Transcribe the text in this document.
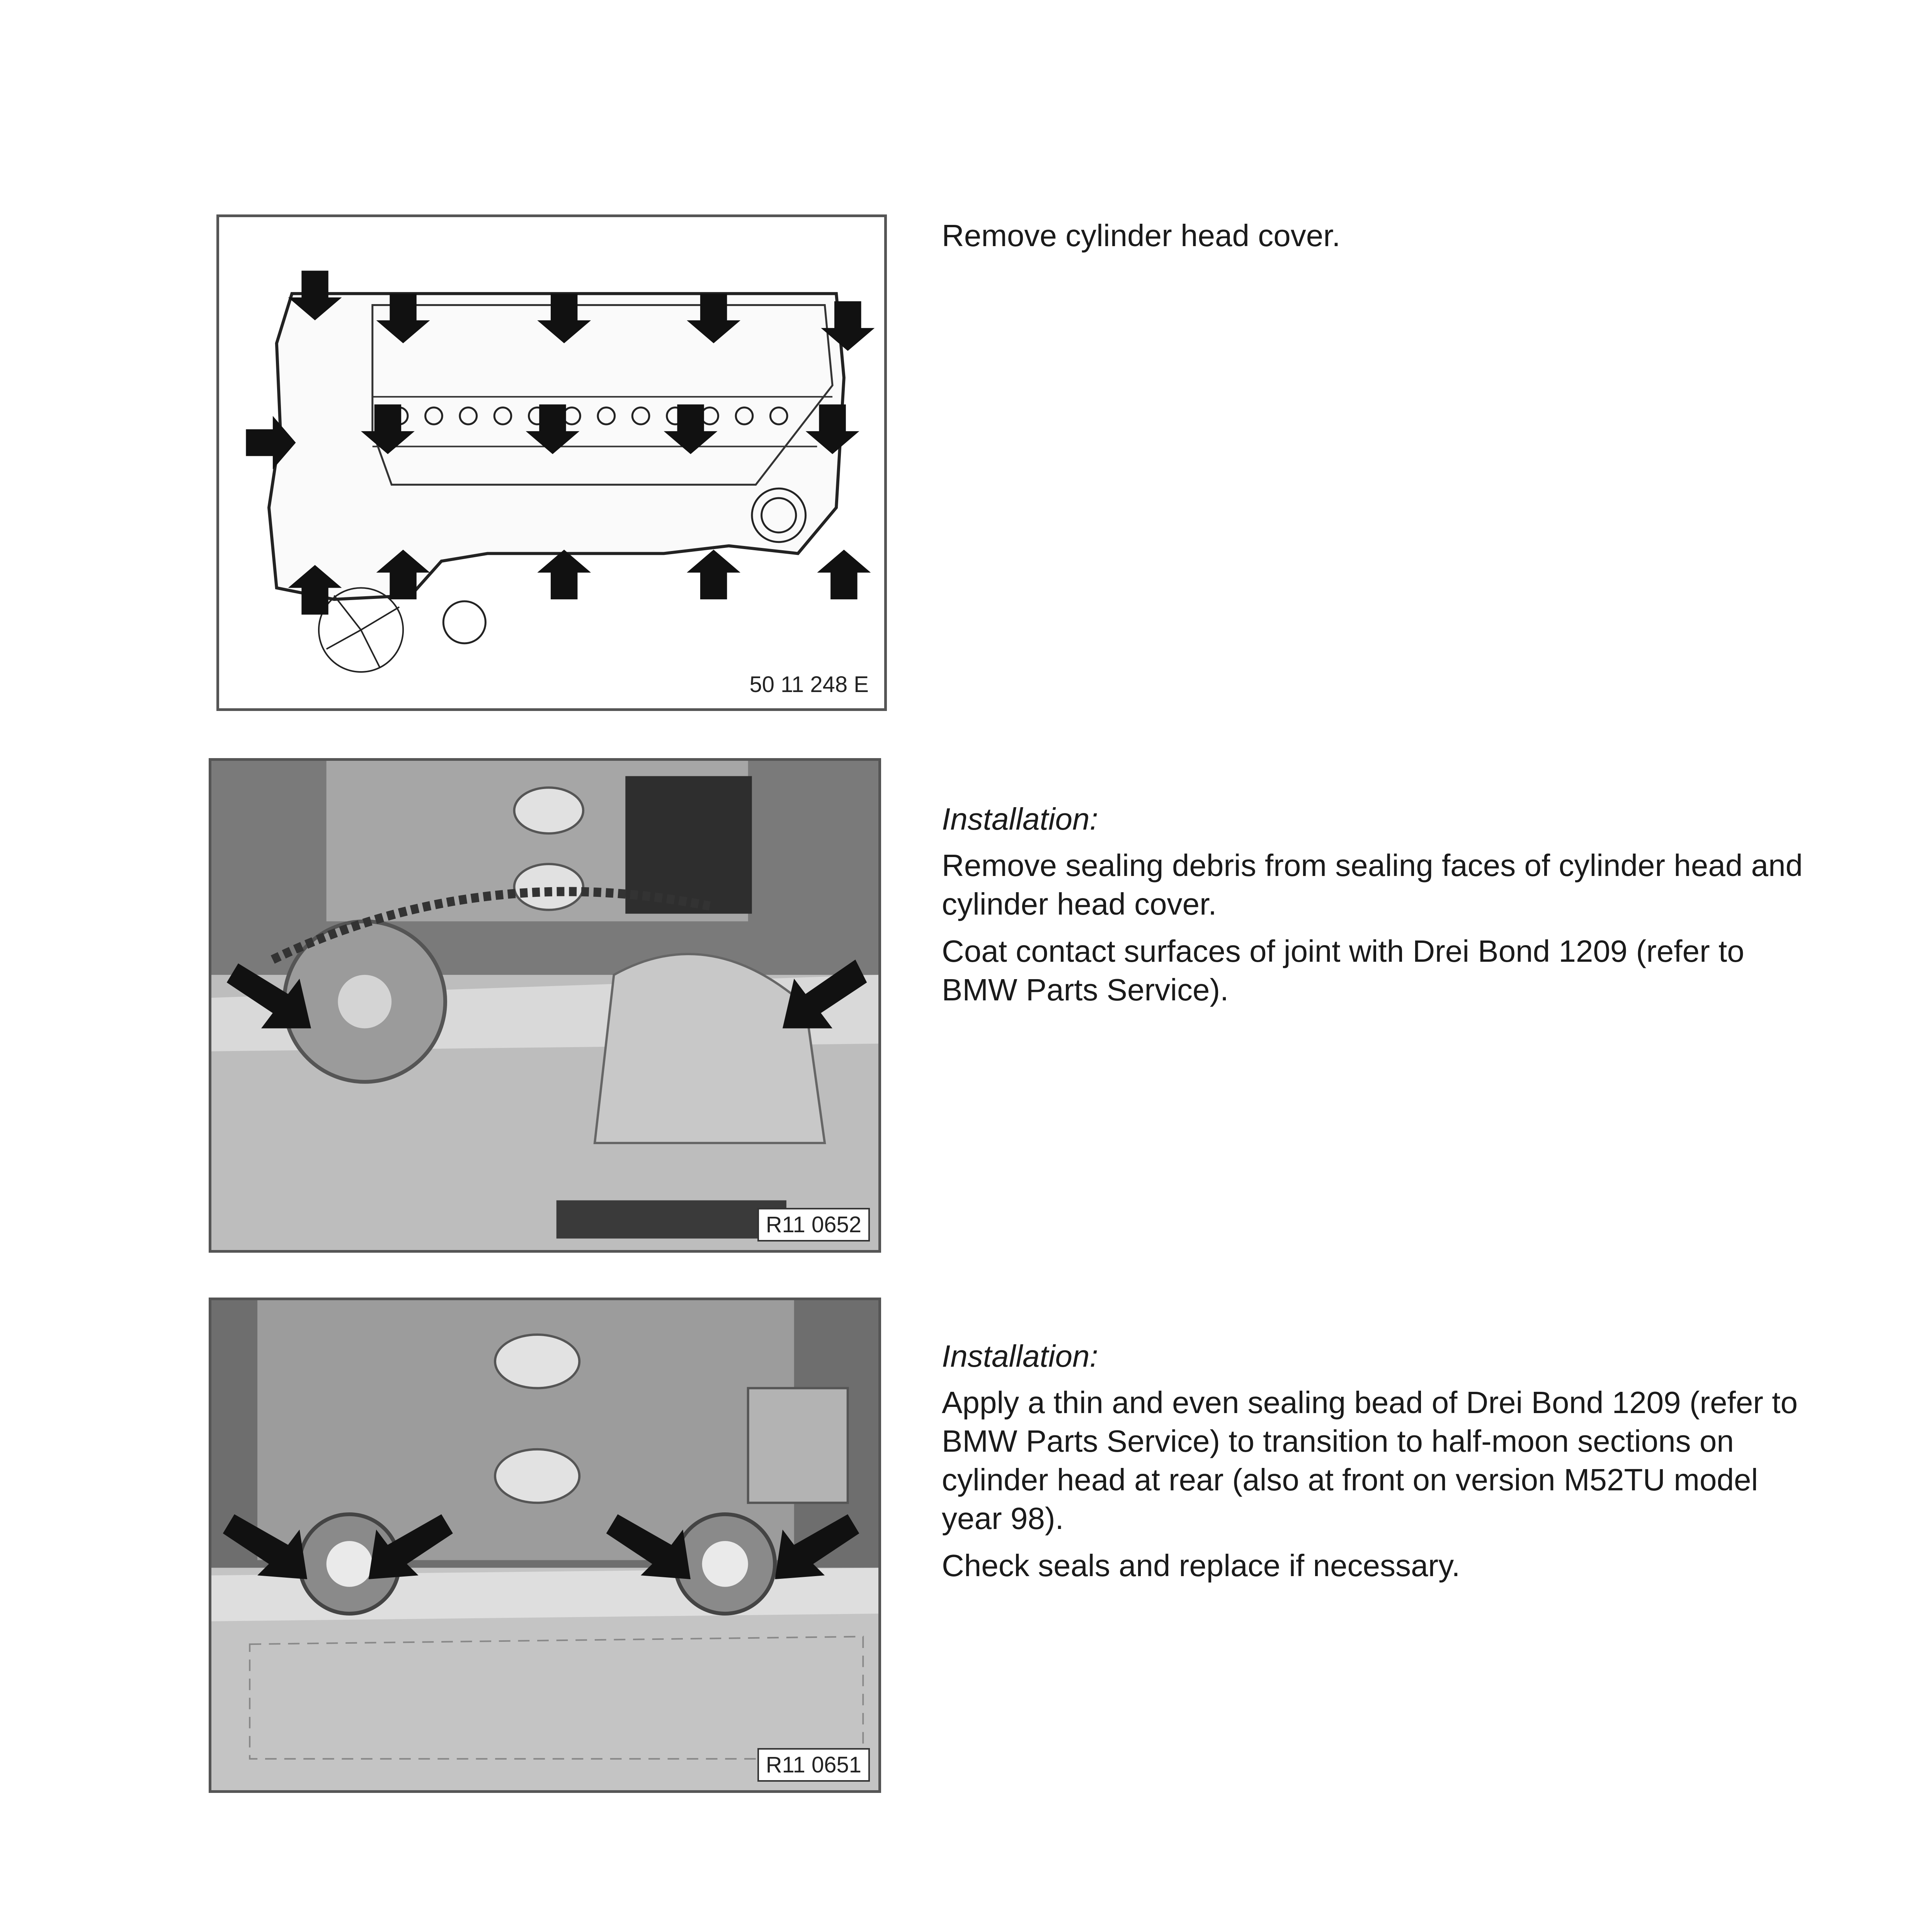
50 11 248 E

Remove cylinder head cover.

R11 0652

Installation:

Remove sealing debris from sealing faces of cylinder head and cylinder head cover.

Coat contact surfaces of joint with Drei Bond 1209 (refer to BMW Parts Service).

R11 0651

Installation:

Apply a thin and even sealing bead of Drei Bond 1209 (refer to BMW Parts Service) to transition to half-moon sections on cylinder head at rear (also at front on version M52TU model year 98).

Check seals and replace if necessary.
